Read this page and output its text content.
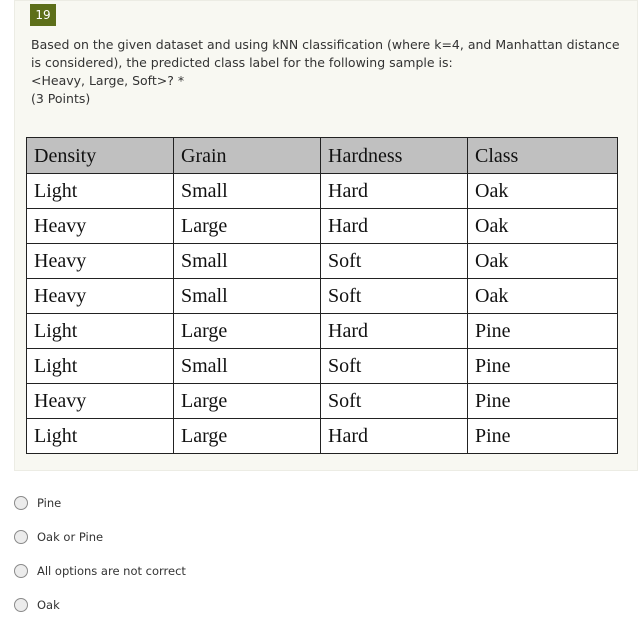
19
Based on the given dataset and using kNN classification (where k=4, and Manhattan distance
is considered), the predicted class label for the following sample is:
<Heavy, Large, Soft>? *

(3 Points)
Density	Grain	Hardness	Class
Light	Small	Hard	Oak
Heavy	Large	Hard	Oak
Heavy	Small	Soft	Oak
Heavy	Small	Soft	Oak
Light	Large	Hard	Pine
Light	Small	Soft	Pine
Heavy	Large	Soft	Pine
Light	Large	Hard	Pine
Pine
Oak or Pine
All options are not correct
Oak
